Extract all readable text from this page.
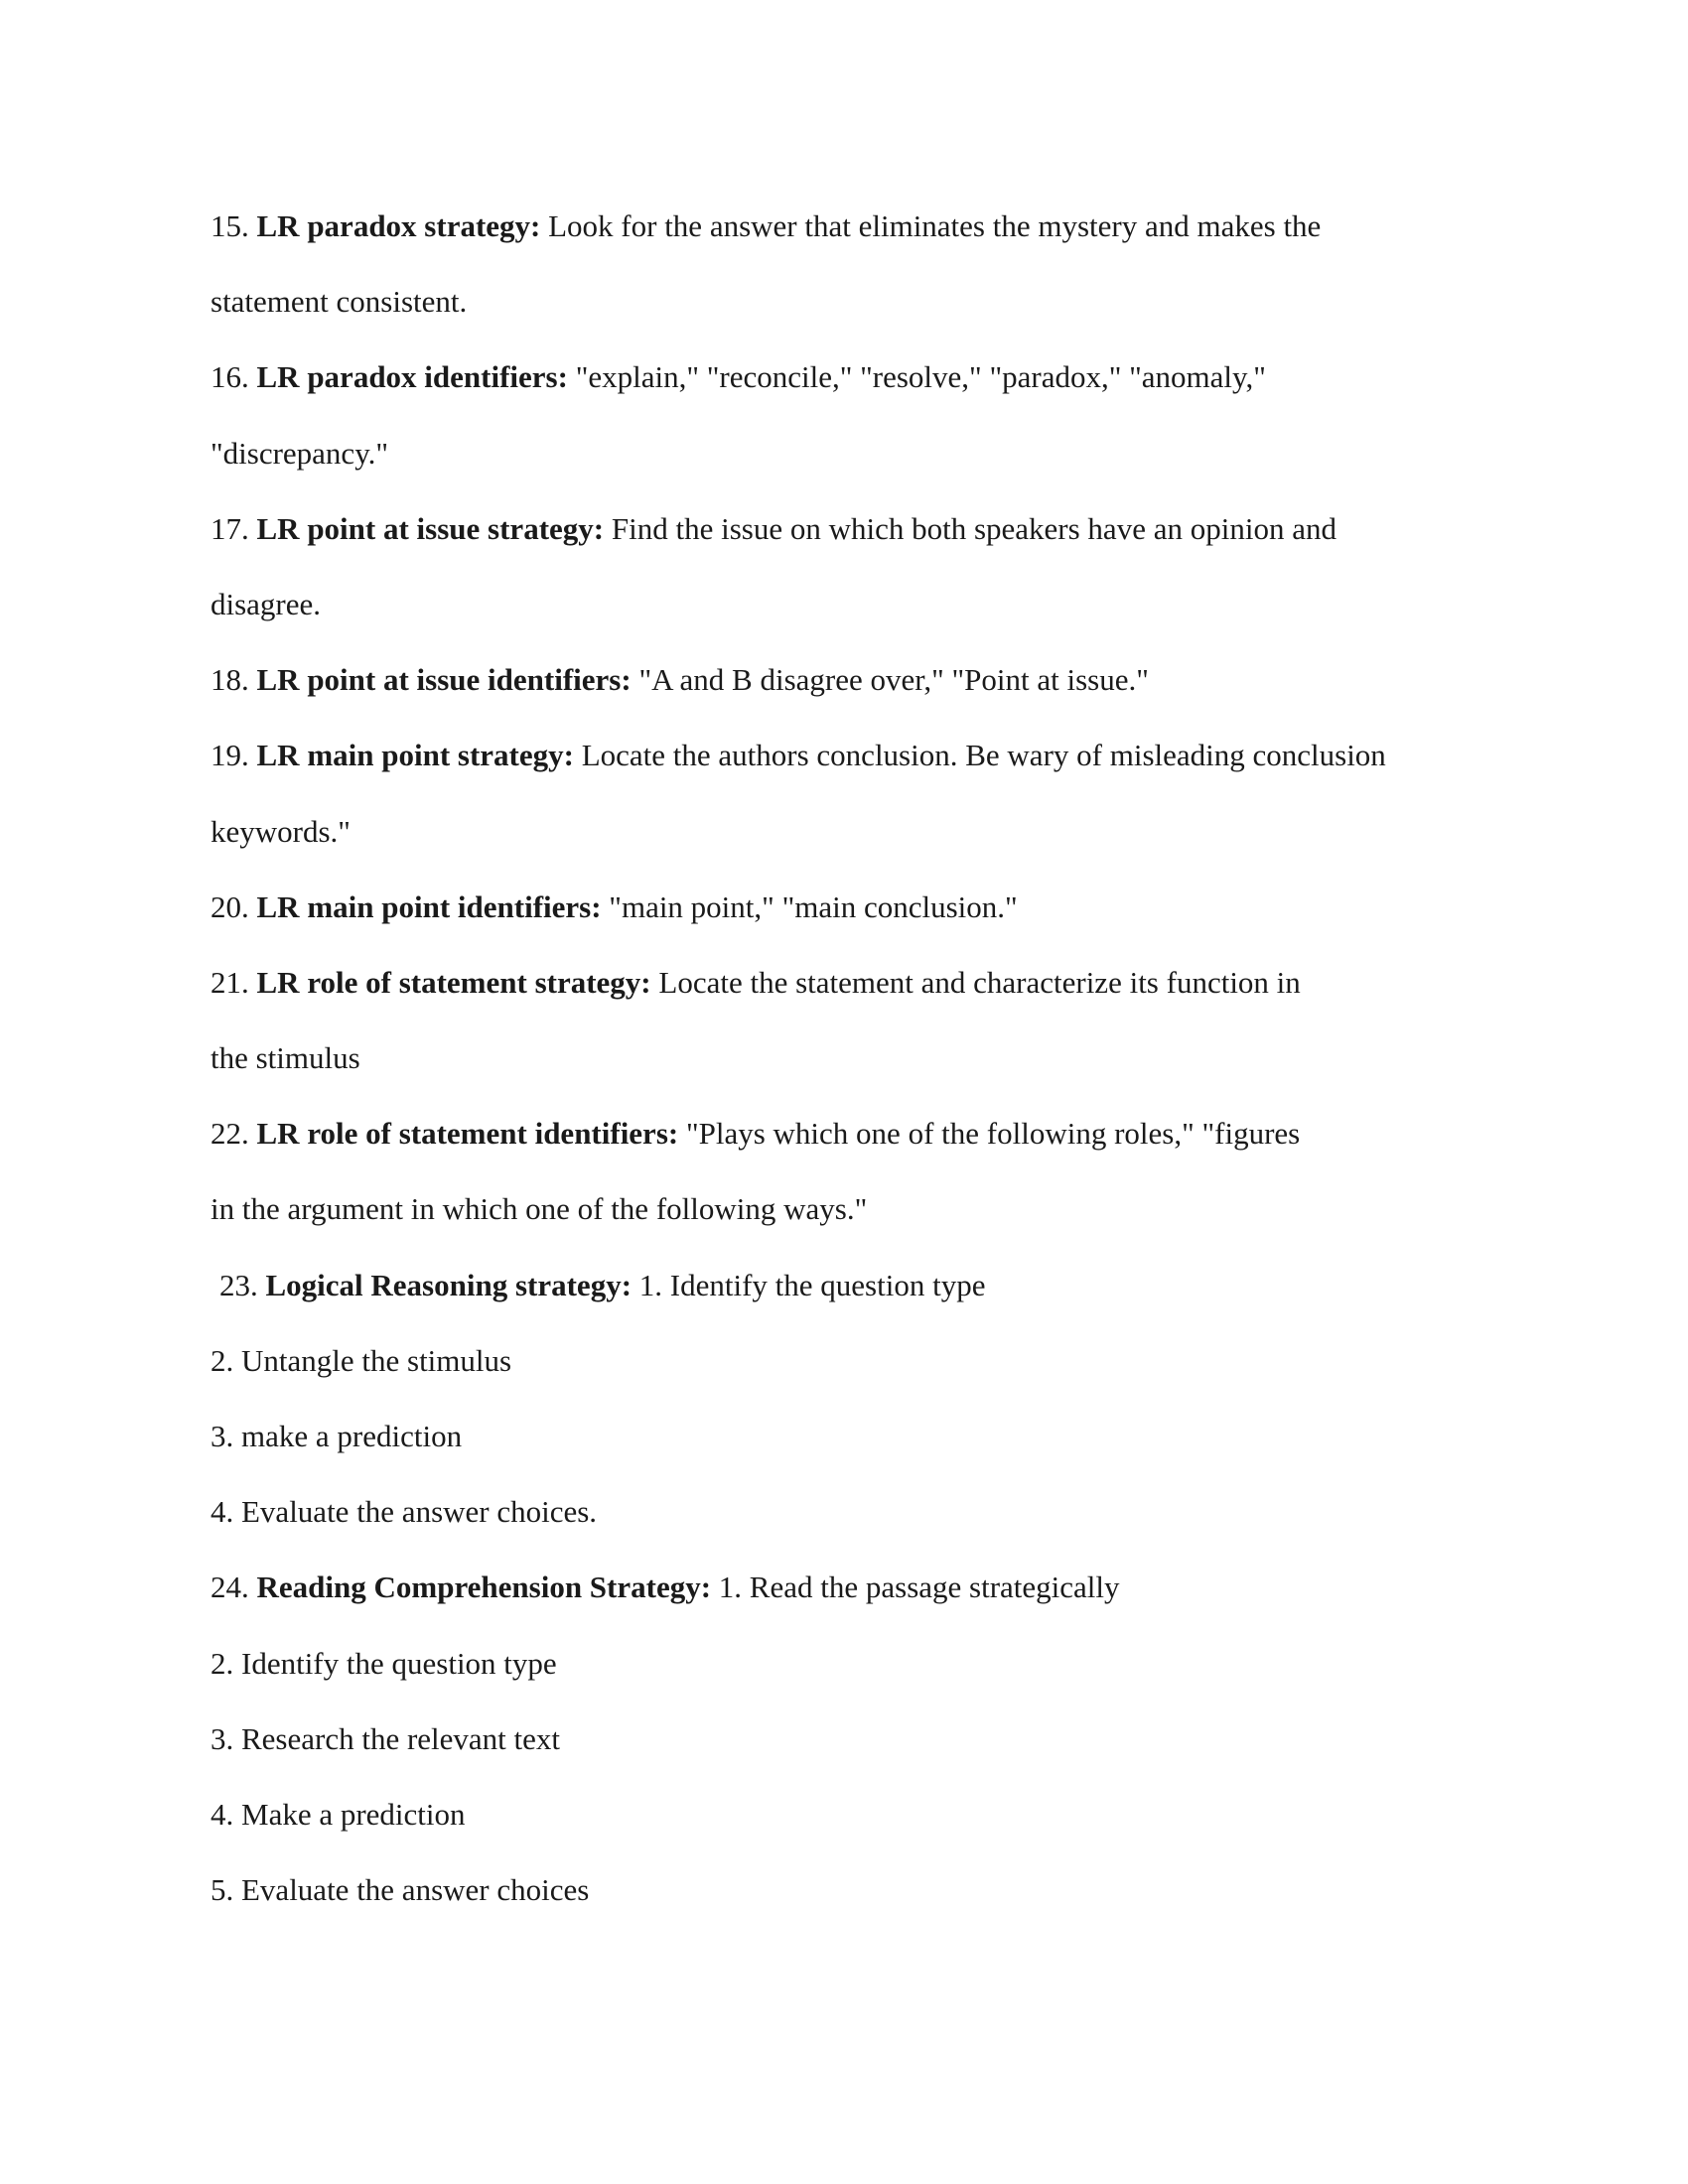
15. LR paradox strategy: Look for the answer that eliminates the mystery and makes the
statement consistent.
16. LR paradox identifiers: "explain," "reconcile," "resolve," "paradox," "anomaly,"
"discrepancy."
17. LR point at issue strategy: Find the issue on which both speakers have an opinion and
disagree.
18. LR point at issue identifiers: "A and B disagree over," "Point at issue."
19. LR main point strategy: Locate the authors conclusion. Be wary of misleading conclusion
keywords."
20. LR main point identifiers: "main point," "main conclusion."
21. LR role of statement strategy: Locate the statement and characterize its function in
the stimulus
22. LR role of statement identifiers: "Plays which one of the following roles," "figures
in the argument in which one of the following ways."
23. Logical Reasoning strategy: 1. Identify the question type
2. Untangle the stimulus
3. make a prediction
4. Evaluate the answer choices.
24. Reading Comprehension Strategy: 1. Read the passage strategically
2. Identify the question type
3. Research the relevant text
4. Make a prediction
5. Evaluate the answer choices
